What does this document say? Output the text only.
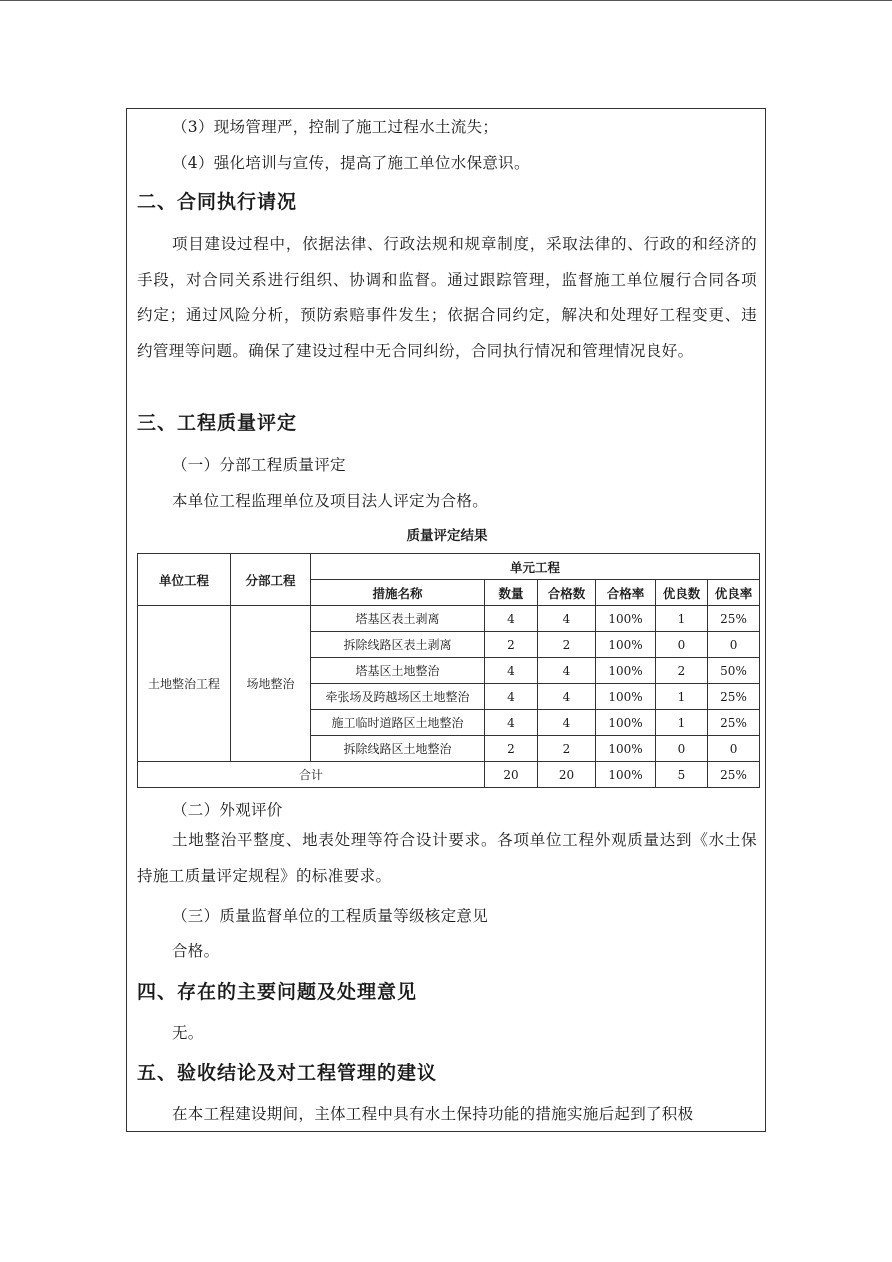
（3）现场管理严，控制了施工过程水土流失；
（4）强化培训与宣传，提高了施工单位水保意识。
二、合同执行请况
项目建设过程中，依据法律、行政法规和规章制度，采取法律的、行政的和经济的手段，对合同关系进行组织、协调和监督。通过跟踪管理，监督施工单位履行合同各项约定；通过风险分析，预防索赔事件发生；依据合同约定，解决和处理好工程变更、违约管理等问题。确保了建设过程中无合同纠纷，合同执行情况和管理情况良好。
三、工程质量评定
（一）分部工程质量评定
本单位工程监理单位及项目法人评定为合格。
质量评定结果
单位工程	分部工程	单元工程					
		措施名称	数量	合格数	合格率	优良数	优良率
土地整治工程	场地整治	塔基区表土剥离	4	4	100%	1	25%
		拆除线路区表土剥离	2	2	100%	0	0
		塔基区土地整治	4	4	100%	2	50%
		牵张场及跨越场区土地整治	4	4	100%	1	25%
		施工临时道路区土地整治	4	4	100%	1	25%
		拆除线路区土地整治	2	2	100%	0	0
合计			20	20	100%	5	25%
（二）外观评价
土地整治平整度、地表处理等符合设计要求。各项单位工程外观质量达到《水土保持施工质量评定规程》的标准要求。
（三）质量监督单位的工程质量等级核定意见
合格。
四、存在的主要问题及处理意见
无。
五、验收结论及对工程管理的建议
在本工程建设期间，主体工程中具有水土保持功能的措施实施后起到了积极
